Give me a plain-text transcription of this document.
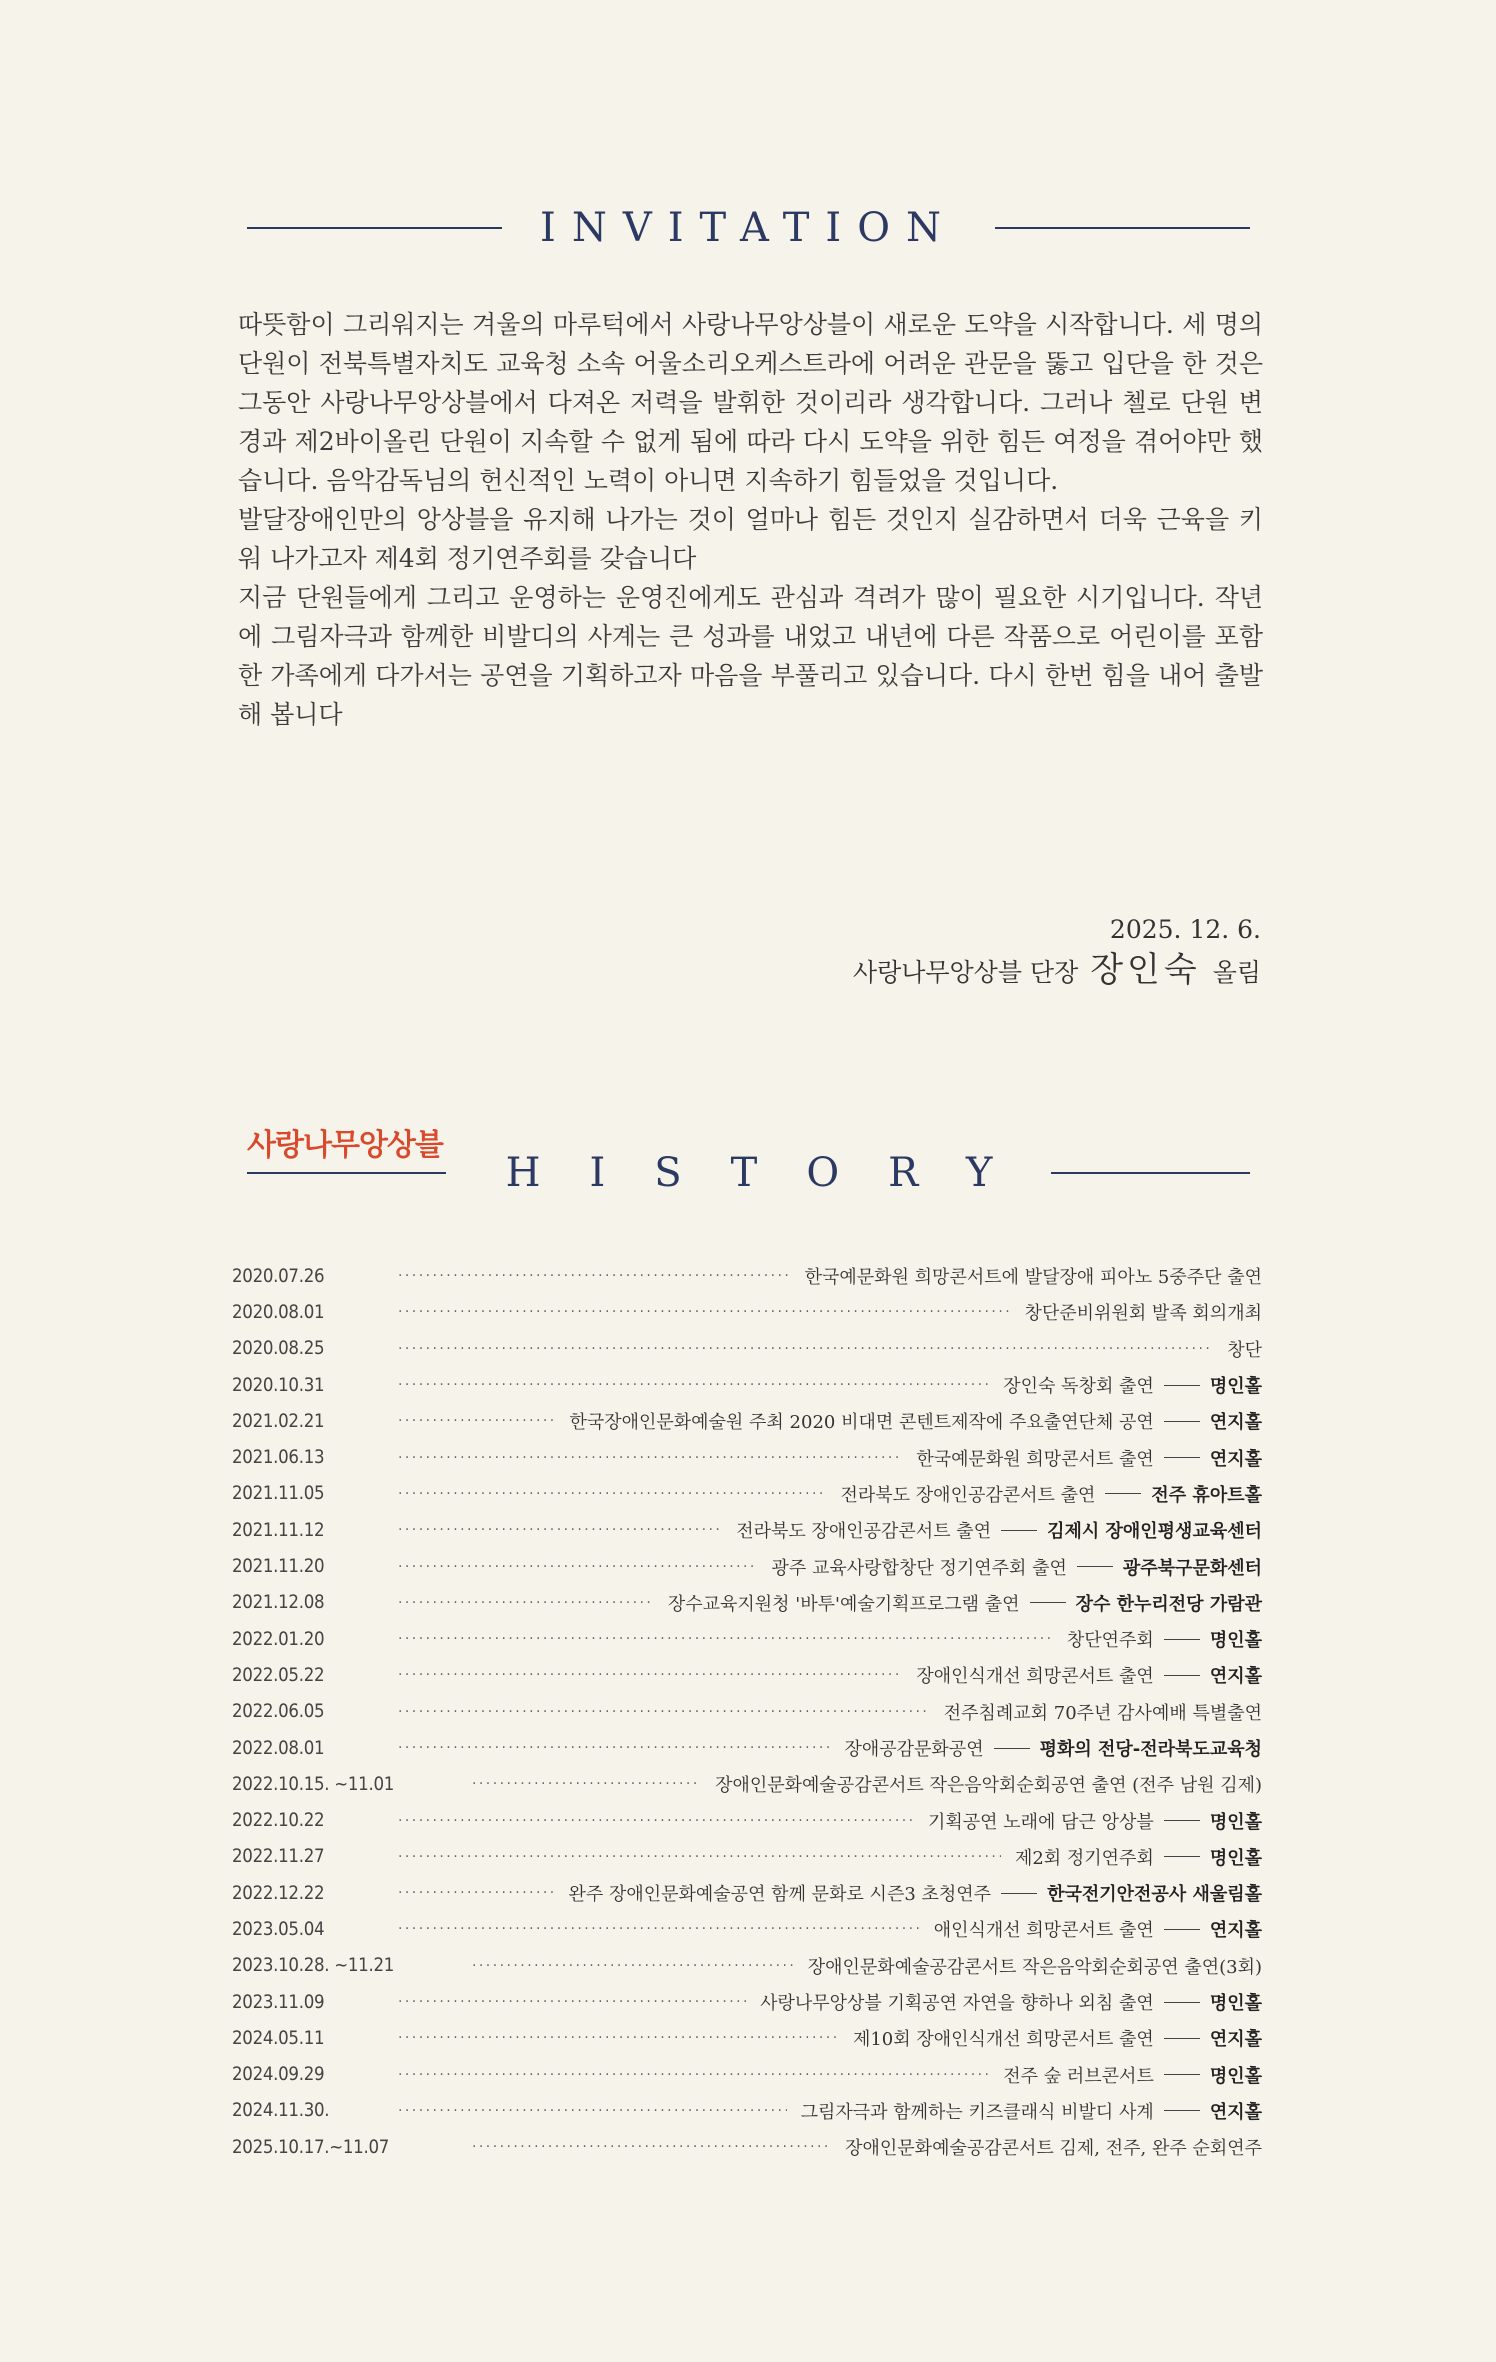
INVITATION

따뜻함이 그리워지는 겨울의 마루턱에서 사랑나무앙상블이 새로운 도약을 시작합니다. 세 명의 단원이 전북특별자치도 교육청 소속 어울소리오케스트라에 어려운 관문을 뚫고 입단을 한 것은 그동안 사랑나무앙상블에서 다져온 저력을 발휘한 것이리라 생각합니다. 그러나 첼로 단원 변경과 제2바이올린 단원이 지속할 수 없게 됨에 따라 다시 도약을 위한 힘든 여정을 겪어야만 했습니다. 음악감독님의 헌신적인 노력이 아니면 지속하기 힘들었을 것입니다.

발달장애인만의 앙상블을 유지해 나가는 것이 얼마나 힘든 것인지 실감하면서 더욱 근육을 키워 나가고자 제4회 정기연주회를 갖습니다

지금 단원들에게 그리고 운영하는 운영진에게도 관심과 격려가 많이 필요한 시기입니다. 작년에 그림자극과 함께한 비발디의 사계는 큰 성과를 내었고 내년에 다른 작품으로 어린이를 포함한 가족에게 다가서는 공연을 기획하고자 마음을 부풀리고 있습니다. 다시 한번 힘을 내어 출발해 봅니다

2025. 12. 6.
사랑나무앙상블 단장 장인숙 올림
사랑나무앙상블
HISTORY
2020.07.26 · · ·	한국예문화원 희망콘서트에 발달장애 피아노 5중주단 출연
2020.08.01 · · ·	창단준비위원회 발족 회의개최
2020.08.25 · · ·	창단
2020.10.31 · · ·	장인숙 독창회 출연	명인홀
2021.02.21 · · ·	한국장애인문화예술원 주최 2020 비대면 콘텐트제작에 주요출연단체 공연	연지홀
2021.06.13 · · ·	한국예문화원 희망콘서트 출연	연지홀
2021.11.05 · · ·	전라북도 장애인공감콘서트 출연	전주 휴아트홀
2021.11.12 · · ·	전라북도 장애인공감콘서트 출연	김제시 장애인평생교육센터
2021.11.20 · · ·	광주 교육사랑합창단 정기연주회 출연	광주북구문화센터
2021.12.08 · · ·	장수교육지원청 '바투'예술기획프로그램 출연	장수 한누리전당 가람관
2022.01.20 · · ·	창단연주회	명인홀
2022.05.22 · · ·	장애인식개선 희망콘서트 출연	연지홀
2022.06.05 · · ·	전주침례교회 70주년 감사예배 특별출연
2022.08.01 · · ·	장애공감문화공연	평화의 전당-전라북도교육청
2022.10.15. ~11.01 · · ·	장애인문화예술공감콘서트 작은음악회순회공연 출연 (전주 남원 김제)
2022.10.22 · · ·	기획공연 노래에 담근 앙상블	명인홀
2022.11.27 · · ·	제2회 정기연주회	명인홀
2022.12.22 · · ·	완주 장애인문화예술공연 함께 문화로 시즌3 초청연주	한국전기안전공사 새울림홀
2023.05.04 · · ·	애인식개선 희망콘서트 출연	연지홀
2023.10.28. ~11.21 · · ·	장애인문화예술공감콘서트 작은음악회순회공연 출연(3회)
2023.11.09 · · ·	사랑나무앙상블 기획공연 자연을 향하나 외침 출연	명인홀
2024.05.11 · · ·	제10회 장애인식개선 희망콘서트 출연	연지홀
2024.09.29 · · ·	전주 숲 러브콘서트	명인홀
2024.11.30. · · ·	그림자극과 함께하는 키즈클래식 비발디 사계	연지홀
2025.10.17.~11.07 · · ·	장애인문화예술공감콘서트 김제, 전주, 완주 순회연주
